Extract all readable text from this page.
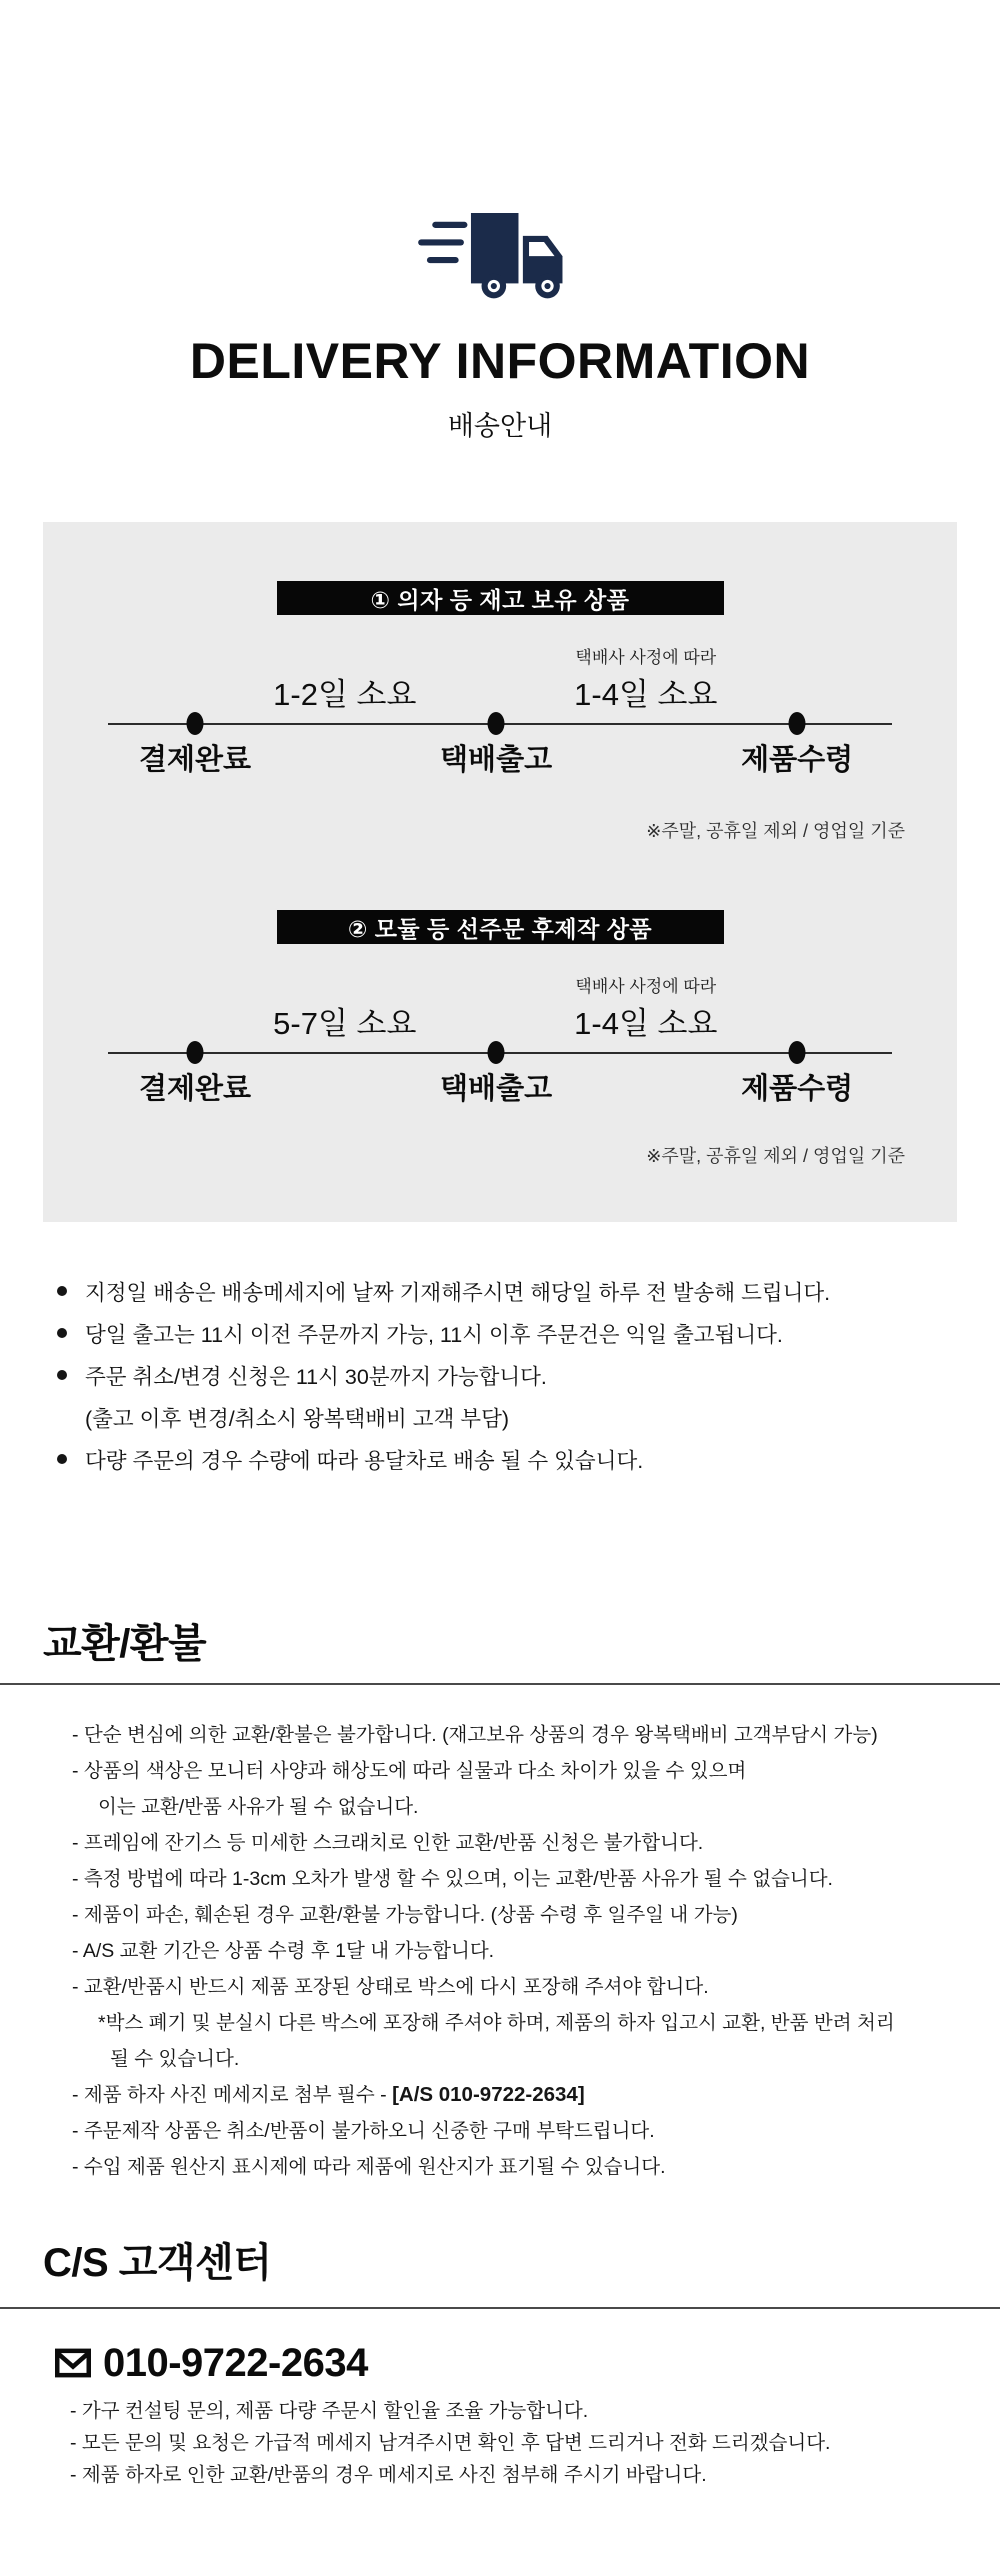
DELIVERY INFORMATION
배송안내
① 의자 등 재고 보유 상품
택배사 사정에 따라
1-2일 소요	1-4일 소요
결제완료	택배출고	제품수령
※주말, 공휴일 제외 / 영업일 기준
② 모듈 등 선주문 후제작 상품
택배사 사정에 따라
5-7일 소요	1-4일 소요
결제완료	택배출고	제품수령
※주말, 공휴일 제외 / 영업일 기준
지정일 배송은 배송메세지에 날짜 기재해주시면 해당일 하루 전 발송해 드립니다.
당일 출고는 11시 이전 주문까지 가능, 11시 이후 주문건은 익일 출고됩니다.
주문 취소/변경 신청은 11시 30분까지 가능합니다.
(출고 이후 변경/취소시 왕복택배비 고객 부담)
다량 주문의 경우 수량에 따라 용달차로 배송 될 수 있습니다.
교환/환불
- 단순 변심에 의한 교환/환불은 불가합니다. (재고보유 상품의 경우 왕복택배비 고객부담시 가능)
- 상품의 색상은 모니터 사양과 해상도에 따라 실물과 다소 차이가 있을 수 있으며
이는 교환/반품 사유가 될 수 없습니다.
- 프레임에 잔기스 등 미세한 스크래치로 인한 교환/반품 신청은 불가합니다.
- 측정 방법에 따라 1-3cm 오차가 발생 할 수 있으며, 이는 교환/반품 사유가 될 수 없습니다.
- 제품이 파손, 훼손된 경우 교환/환불 가능합니다. (상품 수령 후 일주일 내 가능)
- A/S 교환 기간은 상품 수령 후 1달 내 가능합니다.
- 교환/반품시 반드시 제품 포장된 상태로 박스에 다시 포장해 주셔야 합니다.
*박스 폐기 및 분실시 다른 박스에 포장해 주셔야 하며, 제품의 하자 입고시 교환, 반품 반려 처리
될 수 있습니다.
- 제품 하자 사진 메세지로 첨부 필수 - [A/S 010-9722-2634]
- 주문제작 상품은 취소/반품이 불가하오니 신중한 구매 부탁드립니다.
- 수입 제품 원산지 표시제에 따라 제품에 원산지가 표기될 수 있습니다.
C/S 고객센터
010-9722-2634
- 가구 컨설팅 문의, 제품 다량 주문시 할인율 조율 가능합니다.
- 모든 문의 및 요청은 가급적 메세지 남겨주시면 확인 후 답변 드리거나 전화 드리겠습니다.
- 제품 하자로 인한 교환/반품의 경우 메세지로 사진 첨부해 주시기 바랍니다.
